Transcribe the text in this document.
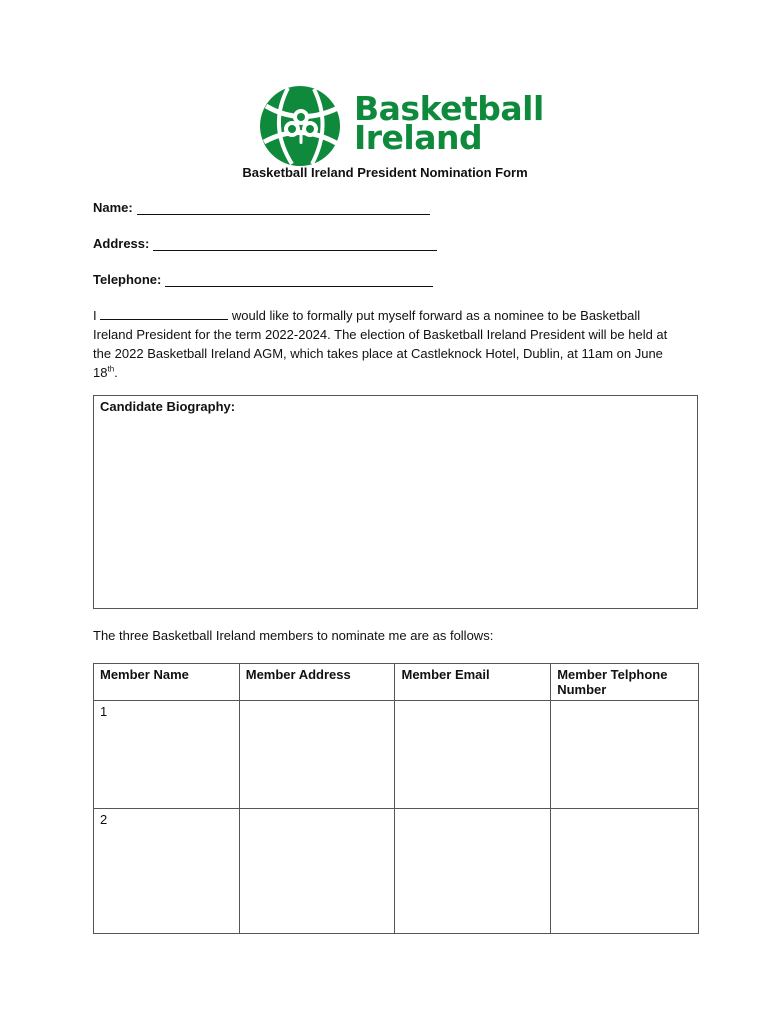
Basketball
Ireland
Basketball Ireland President Nomination Form
Name:
Address:
Telephone:
I	would like to formally put myself forward as a nominee to be Basketball Ireland President for the term 2022-2024. The election of Basketball Ireland President will be held at the 2022 Basketball Ireland AGM, which takes place at Castleknock Hotel, Dublin, at 11am on June 18th.
Candidate Biography:
The three Basketball Ireland members to nominate me are as follows:
Member Name	Member Address	Member Email	Member Telphone Number
1			
2			
